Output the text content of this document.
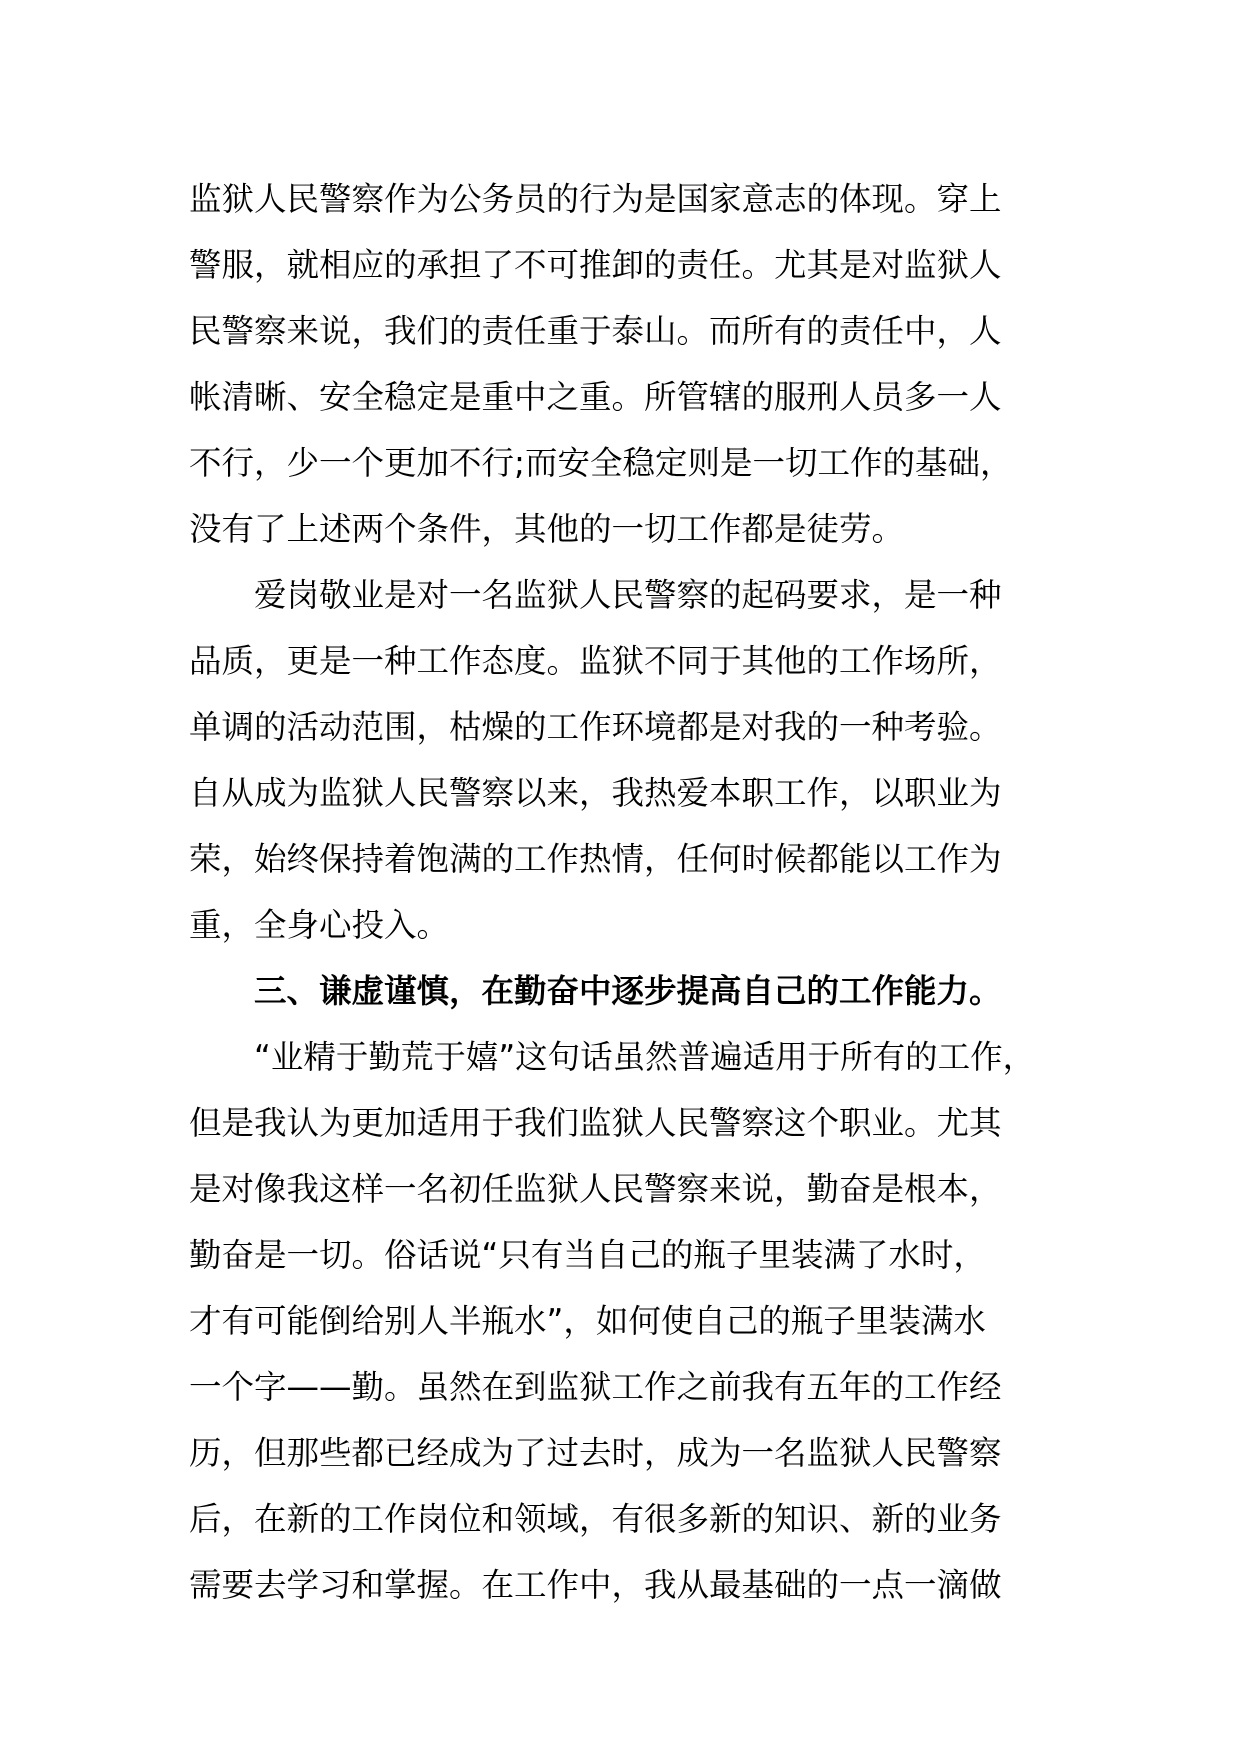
监狱人民警察作为公务员的行为是国家意志的体现。穿上
警服，就相应的承担了不可推卸的责任。尤其是对监狱人
民警察来说，我们的责任重于泰山。而所有的责任中，人
帐清晰、安全稳定是重中之重。所管辖的服刑人员多一人
不行，少一个更加不行;而安全稳定则是一切工作的基础，
没有了上述两个条件，其他的一切工作都是徒劳。
爱岗敬业是对一名监狱人民警察的起码要求，是一种
品质，更是一种工作态度。监狱不同于其他的工作场所，
单调的活动范围，枯燥的工作环境都是对我的一种考验。
自从成为监狱人民警察以来，我热爱本职工作，以职业为
荣，始终保持着饱满的工作热情，任何时候都能以工作为
重，全身心投入。
三、谦虚谨慎，在勤奋中逐步提高自己的工作能力。
“业精于勤荒于嬉”这句话虽然普遍适用于所有的工作，
但是我认为更加适用于我们监狱人民警察这个职业。尤其
是对像我这样一名初任监狱人民警察来说，勤奋是根本，
勤奋是一切。俗话说“只有当自己的瓶子里装满了水时，
才有可能倒给别人半瓶水”，如何使自己的瓶子里装满水
一个字——勤。虽然在到监狱工作之前我有五年的工作经
历，但那些都已经成为了过去时，成为一名监狱人民警察
后，在新的工作岗位和领域，有很多新的知识、新的业务
需要去学习和掌握。在工作中，我从最基础的一点一滴做
